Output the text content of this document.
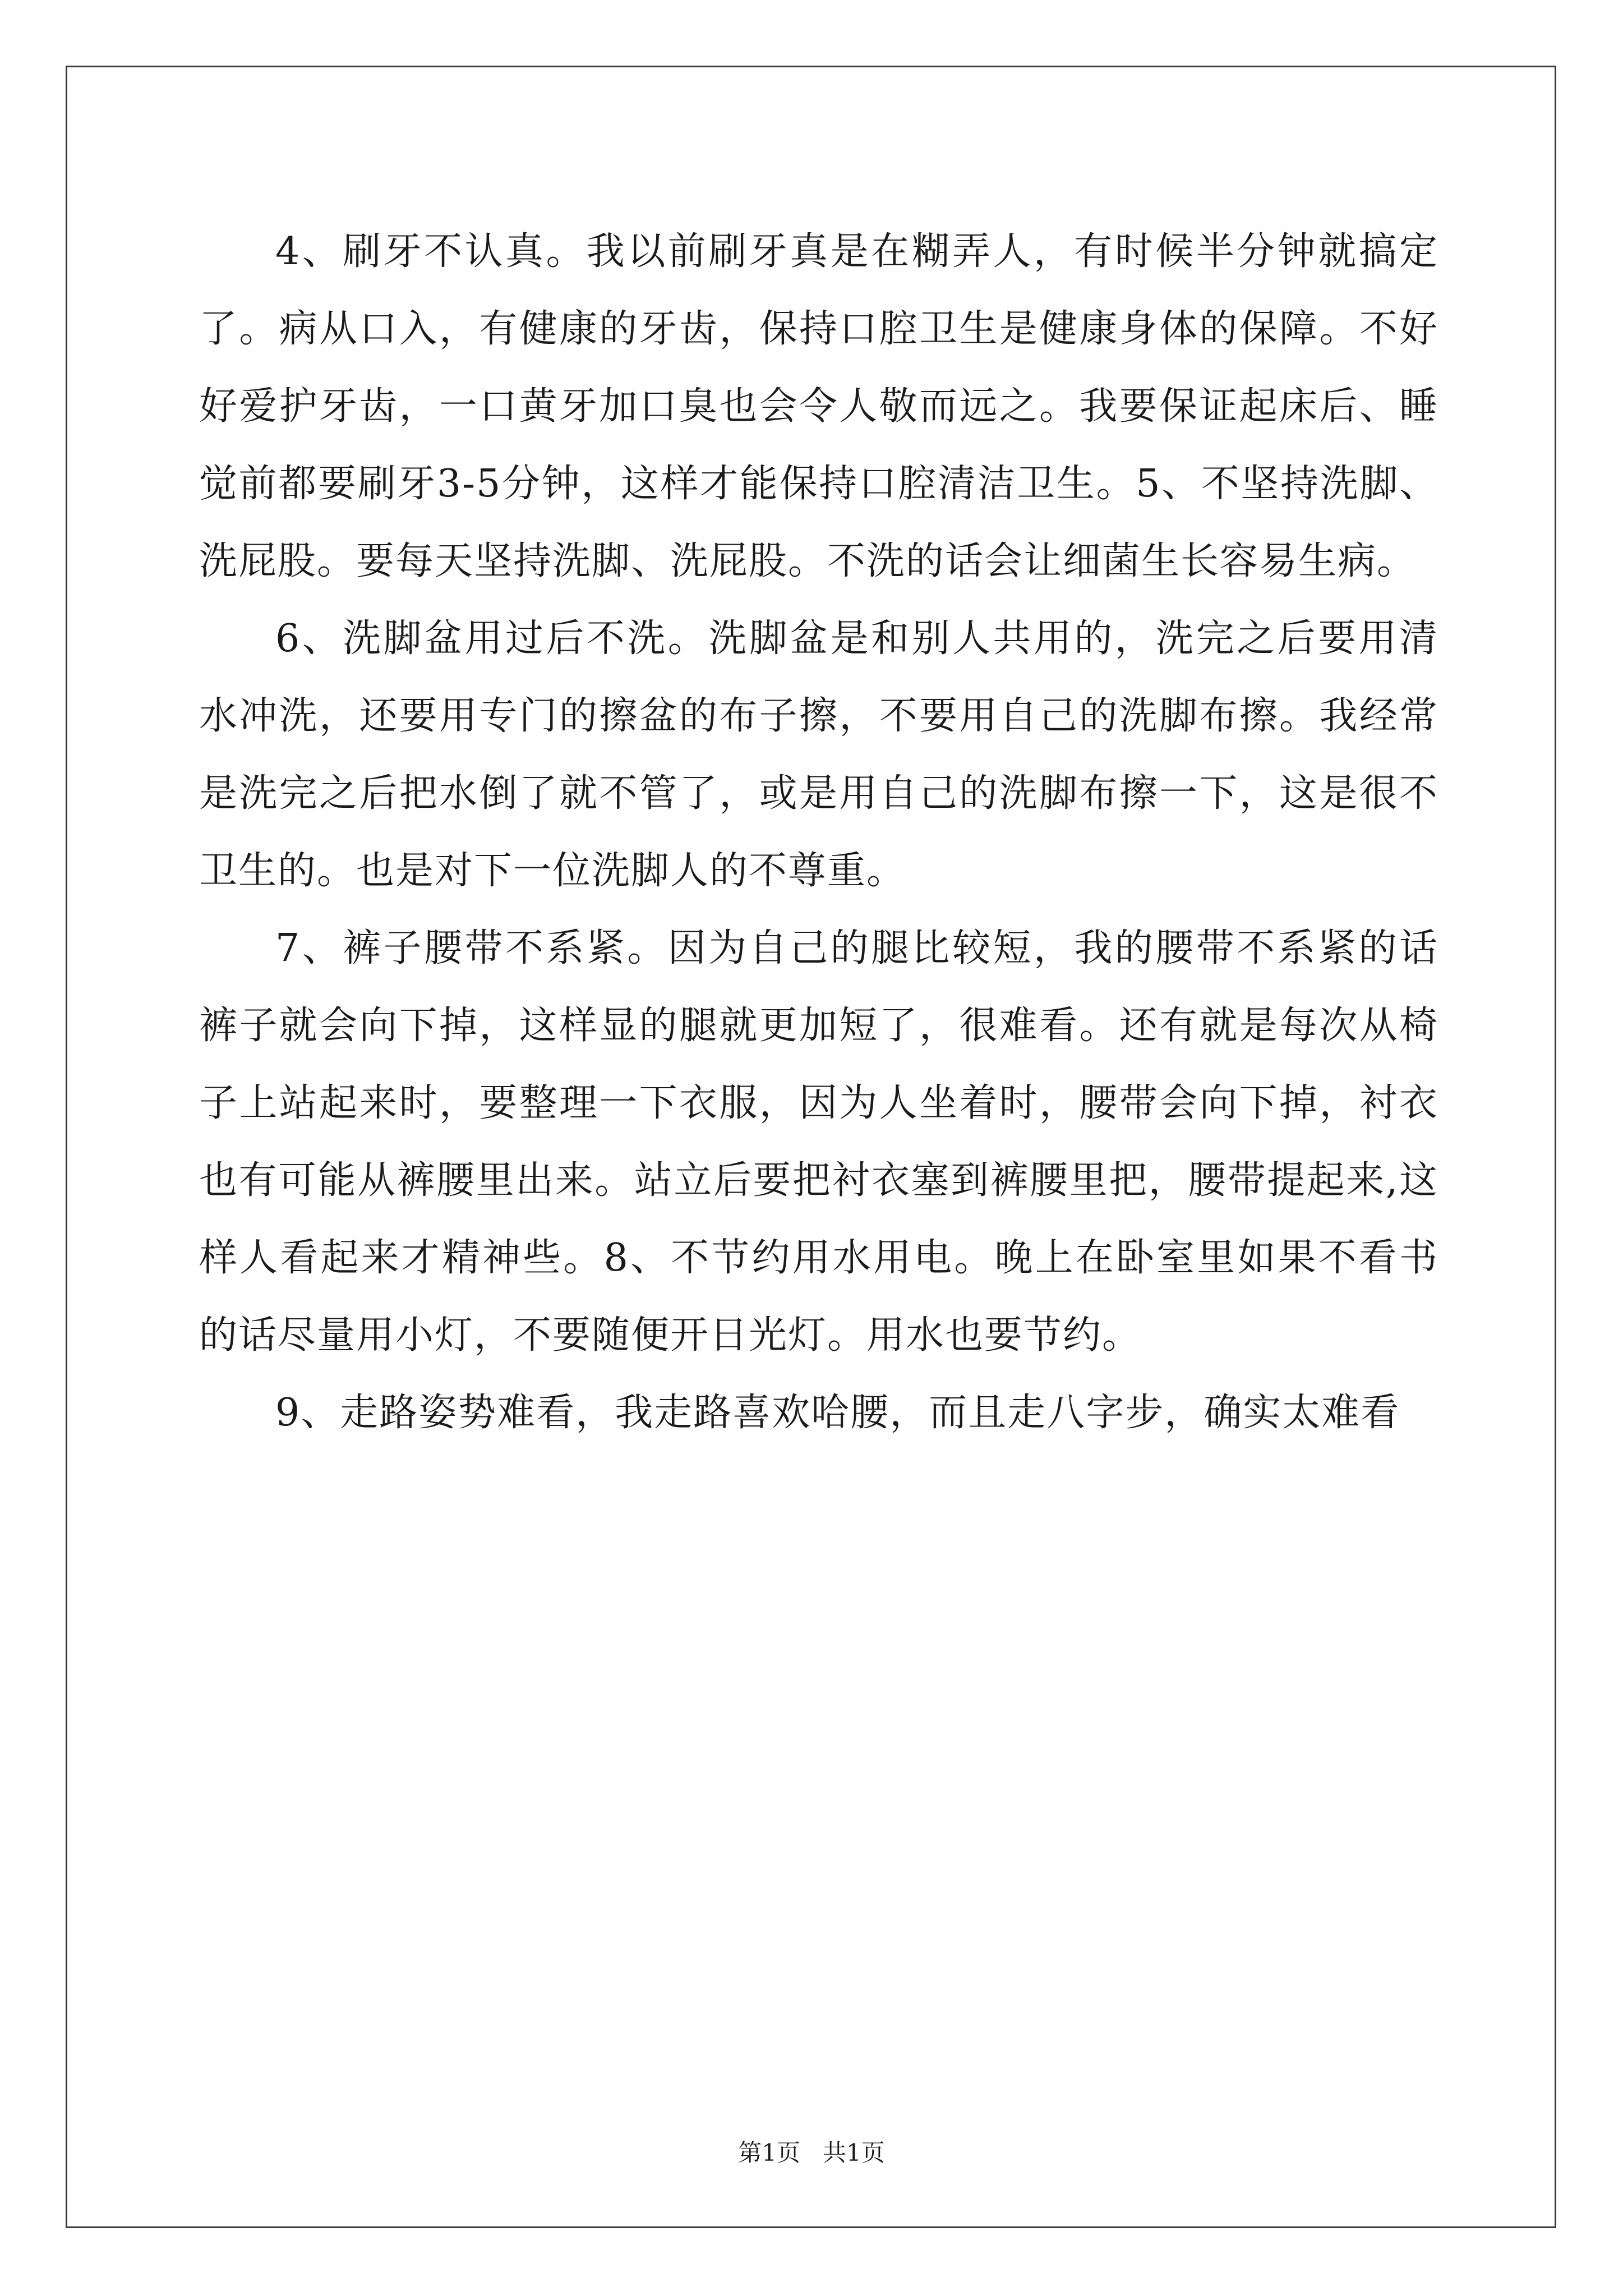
4、刷牙不认真。我以前刷牙真是在糊弄人，有时候半分钟就搞定了。病从口入，有健康的牙齿，保持口腔卫生是健康身体的保障。不好好爱护牙齿，一口黄牙加口臭也会令人敬而远之。我要保证起床后、睡觉前都要刷牙3-5分钟，这样才能保持口腔清洁卫生。5、不坚持洗脚、洗屁股。要每天坚持洗脚、洗屁股。不洗的话会让细菌生长容易生病。

6、洗脚盆用过后不洗。洗脚盆是和别人共用的，洗完之后要用清水冲洗，还要用专门的擦盆的布子擦，不要用自己的洗脚布擦。我经常是洗完之后把水倒了就不管了，或是用自己的洗脚布擦一下，这是很不卫生的。也是对下一位洗脚人的不尊重。

7、裤子腰带不系紧。因为自己的腿比较短，我的腰带不系紧的话裤子就会向下掉，这样显的腿就更加短了，很难看。还有就是每次从椅子上站起来时，要整理一下衣服，因为人坐着时，腰带会向下掉，衬衣也有可能从裤腰里出来。站立后要把衬衣塞到裤腰里把，腰带提起来,这样人看起来才精神些。8、不节约用水用电。晚上在卧室里如果不看书的话尽量用小灯，不要随便开日光灯。用水也要节约。

9、走路姿势难看，我走路喜欢哈腰，而且走八字步，确实太难看

第1页 共1页
